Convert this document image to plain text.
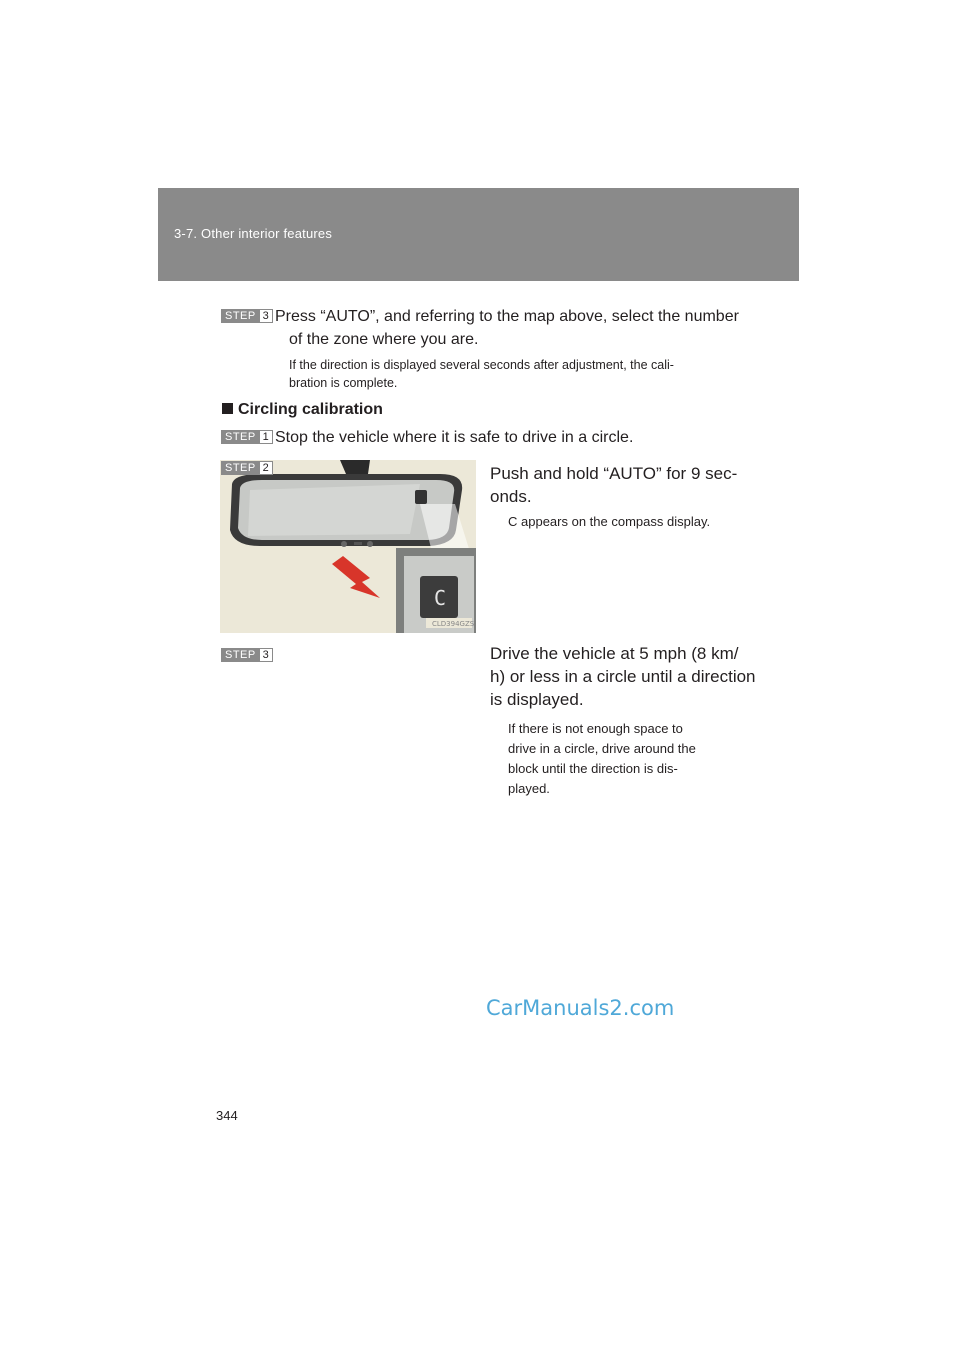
3-7. Other interior features
STEP 3 Press “AUTO”, and referring to the map above, select the number
of the zone where you are.
If the direction is displayed several seconds after adjustment, the cali-
bration is complete.
Circling calibration
STEP 1 Stop the vehicle where it is safe to drive in a circle.
CLD394GZS
C
STEP 2	Push and hold “AUTO” for 9 sec-
onds.
C appears on the compass display.
STEP 3	Drive the vehicle at 5 mph (8 km/
h) or less in a circle until a direction
is displayed.
If there is not enough space to
drive in a circle, drive around the
block until the direction is dis-
played.
CarManuals2.com
344
